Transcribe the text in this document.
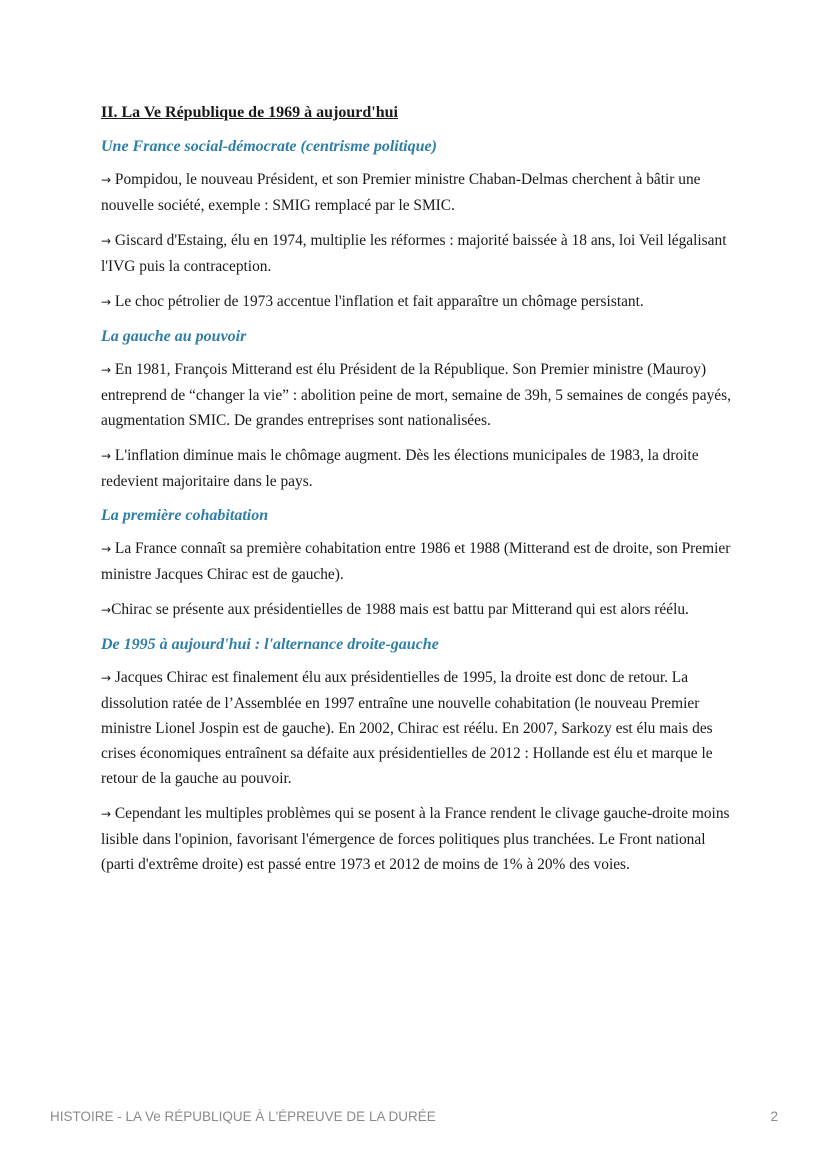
II. La Ve République de 1969 à aujourd'hui
Une France social-démocrate (centrisme politique)

→ Pompidou, le nouveau Président, et son Premier ministre Chaban-Delmas cherchent à bâtir une nouvelle société, exemple : SMIG remplacé par le SMIC.

→ Giscard d'Estaing, élu en 1974, multiplie les réformes : majorité baissée à 18 ans, loi Veil légalisant l'IVG puis la contraception.

→ Le choc pétrolier de 1973 accentue l'inflation et fait apparaître un chômage persistant.

La gauche au pouvoir

→ En 1981, François Mitterand est élu Président de la République. Son Premier ministre (Mauroy) entreprend de “changer la vie” : abolition peine de mort, semaine de 39h, 5 semaines de congés payés, augmentation SMIC. De grandes entreprises sont nationalisées.

→ L'inflation diminue mais le chômage augment. Dès les élections municipales de 1983, la droite redevient majoritaire dans le pays.

La première cohabitation

→ La France connaît sa première cohabitation entre 1986 et 1988 (Mitterand est de droite, son Premier ministre Jacques Chirac est de gauche).

→Chirac se présente aux présidentielles de 1988 mais est battu par Mitterand qui est alors réélu.

De 1995 à aujourd'hui : l'alternance droite-gauche

→ Jacques Chirac est finalement élu aux présidentielles de 1995, la droite est donc de retour. La dissolution ratée de l’Assemblée en 1997 entraîne une nouvelle cohabitation (le nouveau Premier ministre Lionel Jospin est de gauche). En 2002, Chirac est réélu. En 2007, Sarkozy est élu mais des crises économiques entraînent sa défaite aux présidentielles de 2012 : Hollande est élu et marque le retour de la gauche au pouvoir.

→ Cependant les multiples problèmes qui se posent à la France rendent le clivage gauche-droite moins lisible dans l'opinion, favorisant l'émergence de forces politiques plus tranchées. Le Front national (parti d'extrême droite) est passé entre 1973 et 2012 de moins de 1% à 20% des voies.

HISTOIRE - LA Ve RÉPUBLIQUE À L'ÉPREUVE DE LA DURÉE	2
